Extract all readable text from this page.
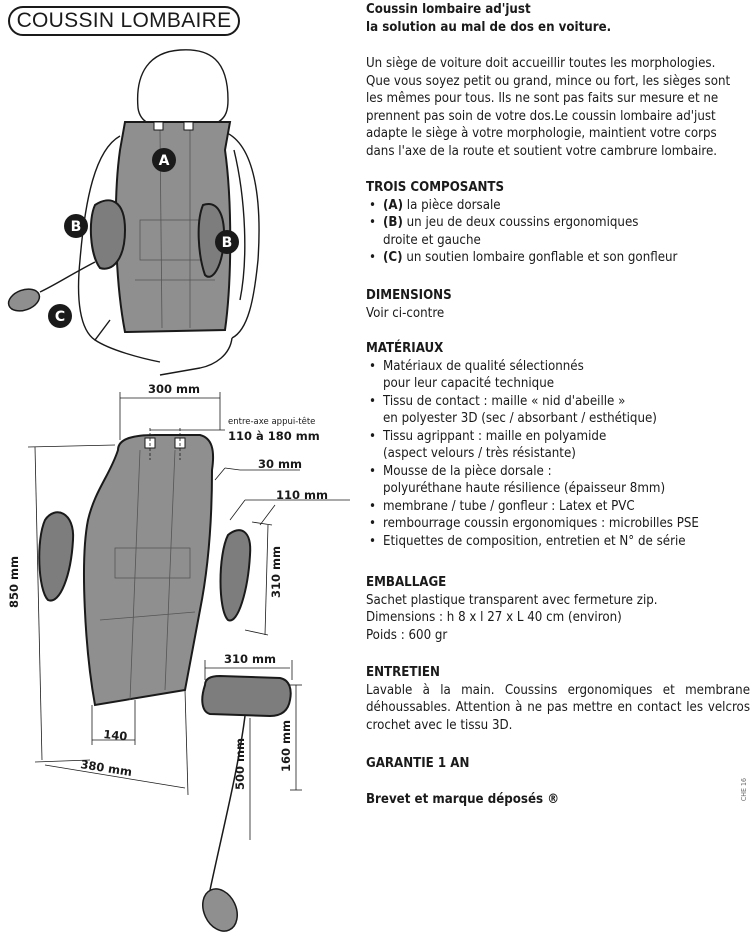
COUSSIN LOMBAIRE
A
B
B
C
300 mm
entre-axe appui-tête
110 à 180 mm
30 mm
110 mm
310 mm
850 mm
310 mm
140
380 mm	160 mm
500 mm

Coussin lombaire ad'just

la solution au mal de dos en voiture.

Un siège de voiture doit accueillir toutes les morphologies.

Que vous soyez petit ou grand, mince ou fort, les sièges sont

les mêmes pour tous. Ils ne sont pas faits sur mesure et ne

prennent pas soin de votre dos.Le coussin lombaire ad'just

adapte le siège à votre morphologie, maintient votre corps

dans l'axe de la route et soutient votre cambrure lombaire.

TROIS COMPOSANTS

• (A) la pièce dorsale
• (B) un jeu de deux coussins ergonomiques
droite et gauche
• (C) un soutien lombaire gonflable et son gonfleur

DIMENSIONS

Voir ci-contre

MATÉRIAUX

• Matériaux de qualité sélectionnés
pour leur capacité technique
• Tissu de contact : maille « nid d'abeille »
en polyester 3D (sec / absorbant / esthétique)
• Tissu agrippant : maille en polyamide
(aspect velours / très résistante)
• Mousse de la pièce dorsale :
polyuréthane haute résilience (épaisseur 8mm)
• membrane / tube / gonfleur : Latex et PVC
• rembourrage coussin ergonomiques : microbilles PSE
• Etiquettes de composition, entretien et N° de série

EMBALLAGE

Sachet plastique transparent avec fermeture zip.

Dimensions : h 8 x l 27 x L 40 cm (environ)

Poids : 600 gr

ENTRETIEN

Lavable à la main. Coussins ergonomiques et membrane déhoussables. Attention à ne pas mettre en contact les velcros crochet avec le tissu 3D.

GARANTIE 1 AN

Brevet et marque déposés ®	CHE 16
